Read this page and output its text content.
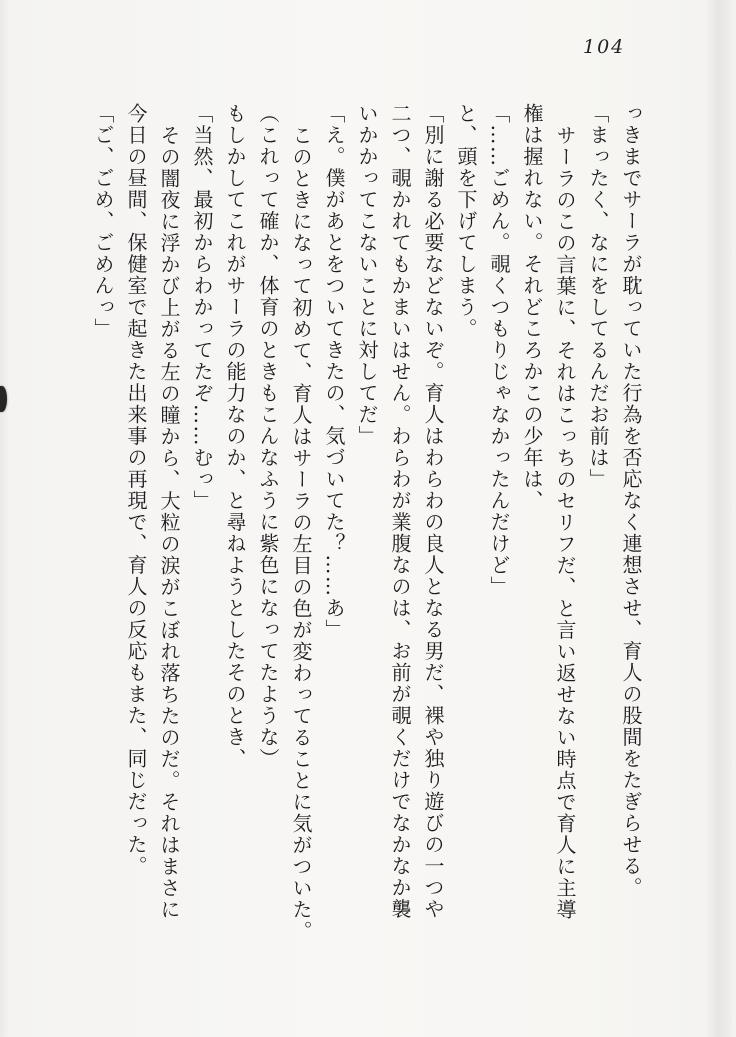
104
っきまでサーラが耽っていた行為を否応なく連想させ、育人の股間をたぎらせる。
「まったく、なにをしてるんだお前は」
サーラのこの言葉に、それはこっちのセリフだ、と言い返せない時点で育人に主導
権は握れない。それどころかこの少年は、
「……ごめん。覗くつもりじゃなかったんだけど」
と、頭を下げてしまう。
「別に謝る必要などないぞ。育人はわらわの良人となる男だ、裸や独り遊びの一つや
二つ、覗かれてもかまいはせん。わらわが業腹なのは、お前が覗くだけでなかなか襲
いかかってこないことに対してだ」
「え。僕があとをついてきたの、気づいてた？……あ」
このときになって初めて、育人はサーラの左目の色が変わってることに気がついた。
（これって確か、体育のときもこんなふうに紫色になってたような）
もしかしてこれがサーラの能力なのか、と尋ねようとしたそのとき、
「当然、最初からわかってたぞ……むっ」
その闇夜に浮かび上がる左の瞳から、大粒の涙がこぼれ落ちたのだ。それはまさに
今日の昼間、保健室で起きた出来事の再現で、育人の反応もまた、同じだった。
「ご、ごめ、ごめんっ」
